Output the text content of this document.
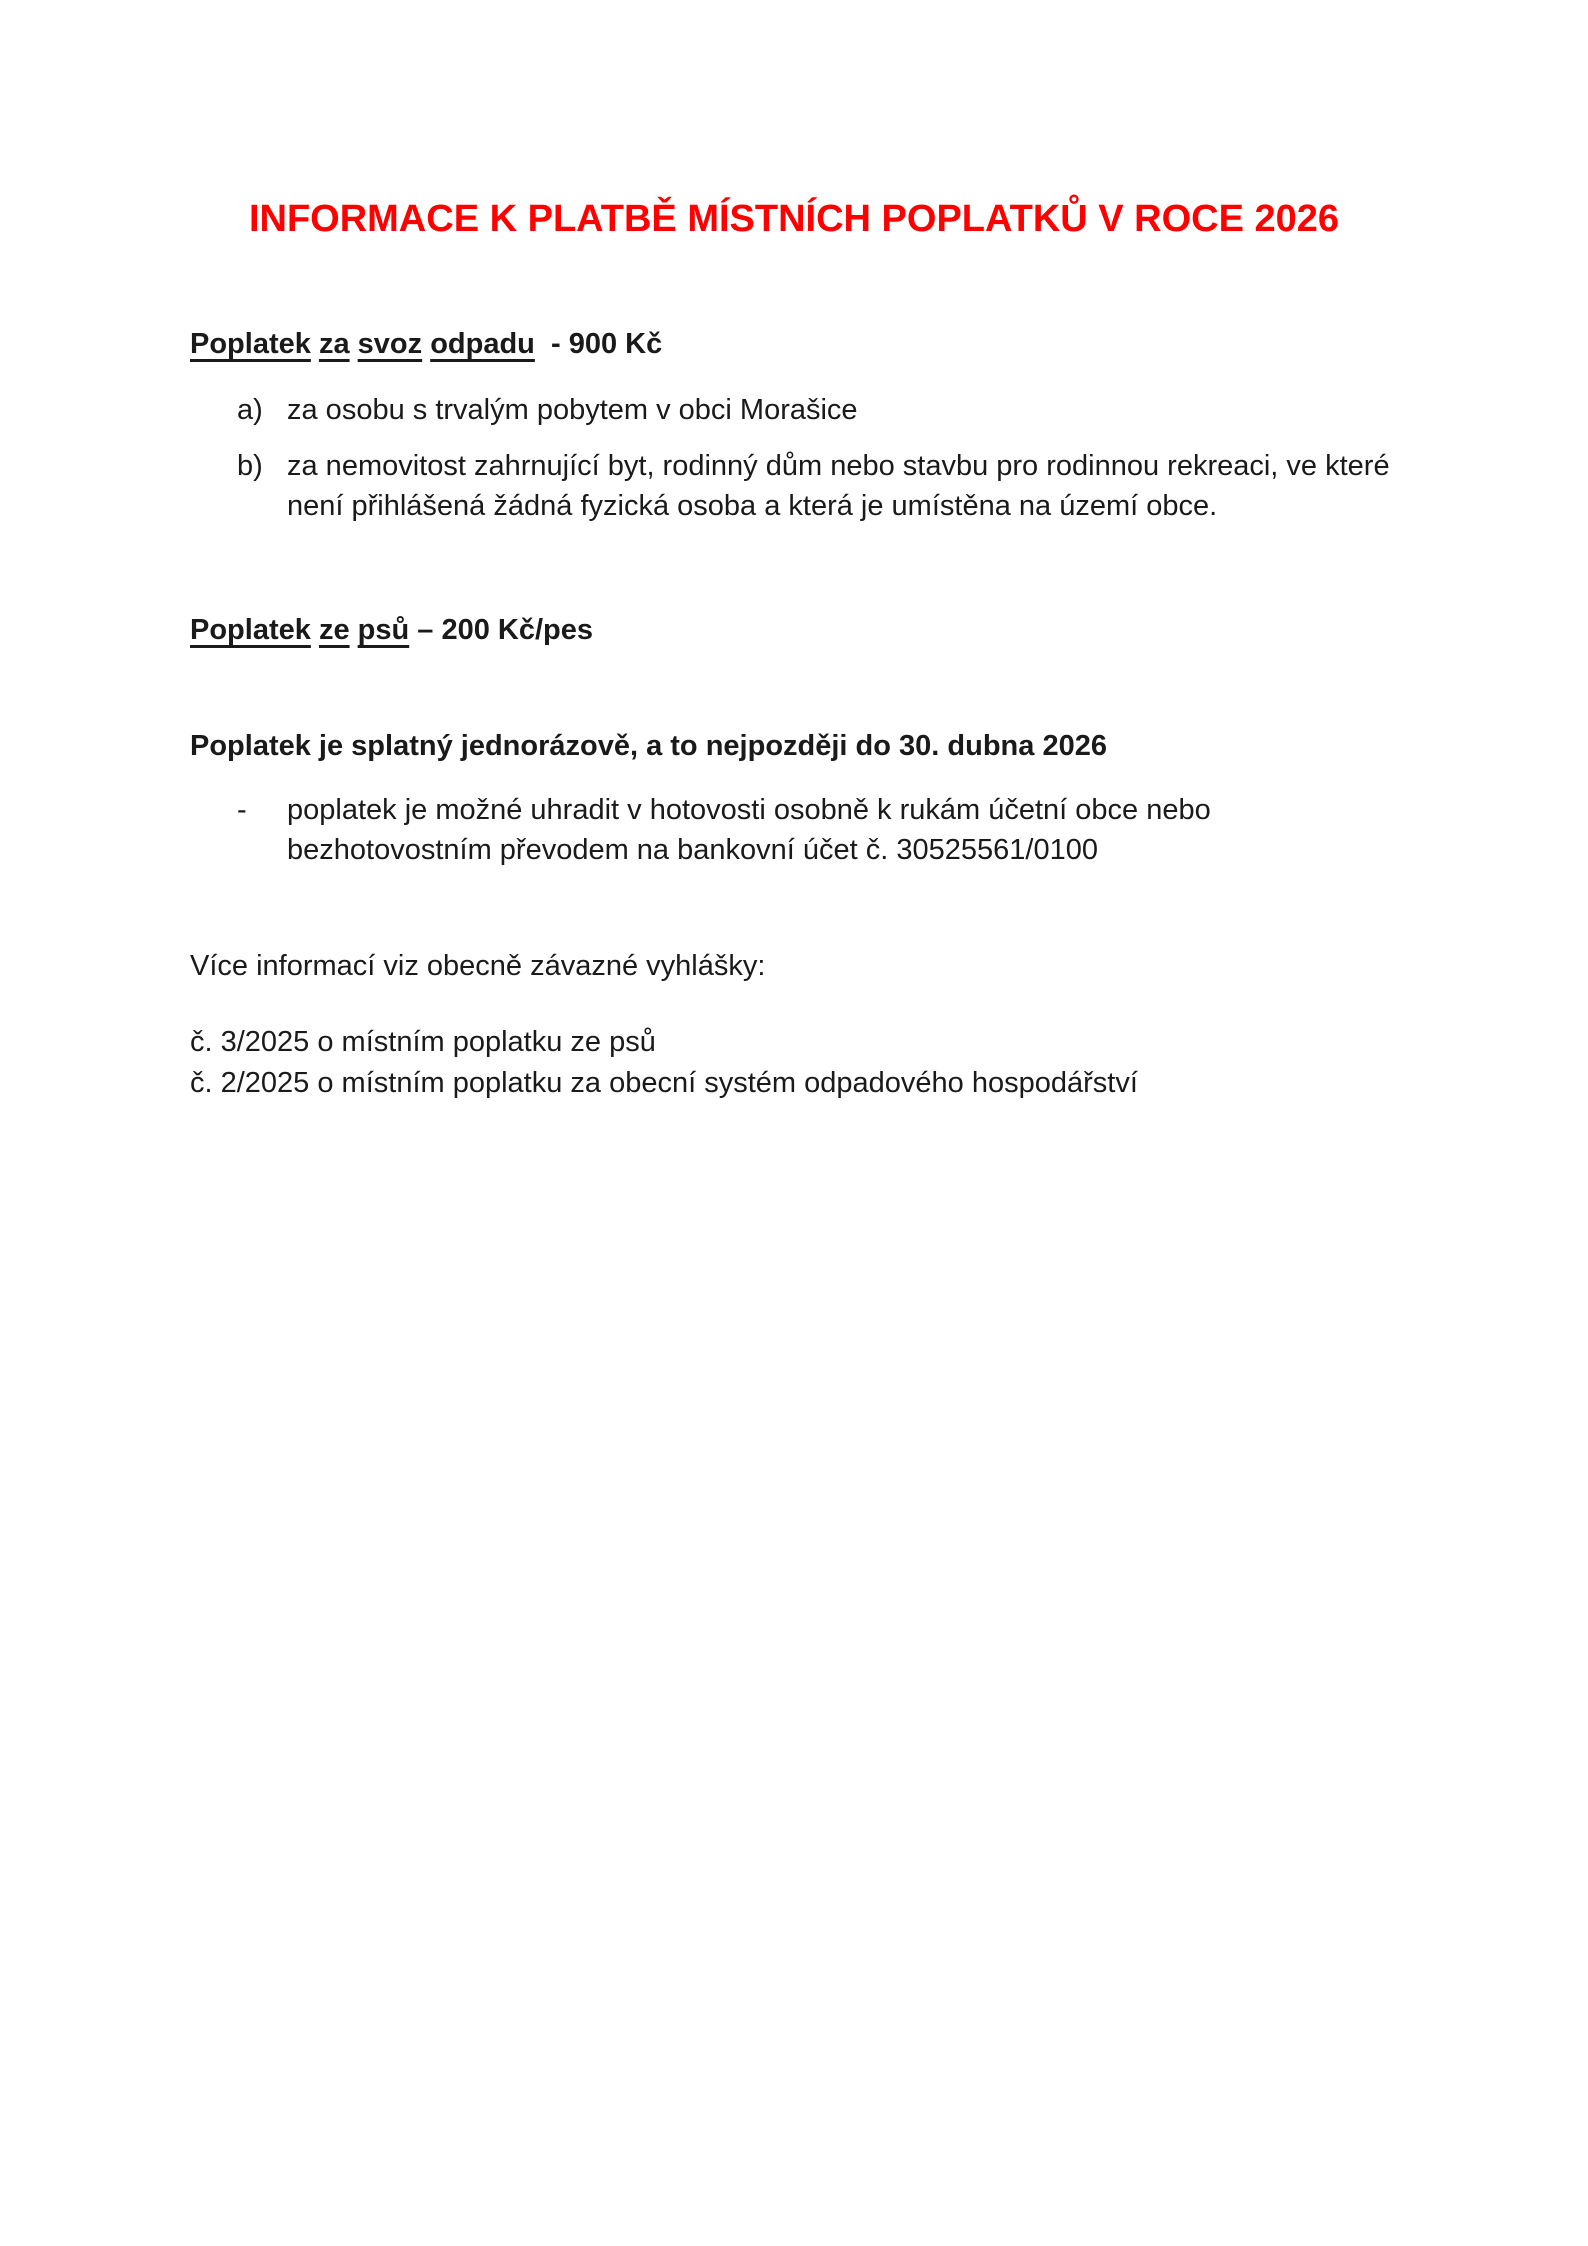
INFORMACE K PLATBĚ MÍSTNÍCH POPLATKŮ V ROCE 2026

Poplatek za svoz odpadu  - 900 Kč

a) za osobu s trvalým pobytem v obci Morašice
b) za nemovitost zahrnující byt, rodinný dům nebo stavbu pro rodinnou rekreaci, ve které není přihlášená žádná fyzická osoba a která je umístěna na území obce.

Poplatek ze psů – 200 Kč/pes

Poplatek je splatný jednorázově, a to nejpozději do 30. dubna 2026

-	poplatek je možné uhradit v hotovosti osobně k rukám účetní obce nebo bezhotovostním převodem na bankovní účet č. 30525561/0100

Více informací viz obecně závazné vyhlášky:

č. 3/2025 o místním poplatku ze psů

č. 2/2025 o místním poplatku za obecní systém odpadového hospodářství
